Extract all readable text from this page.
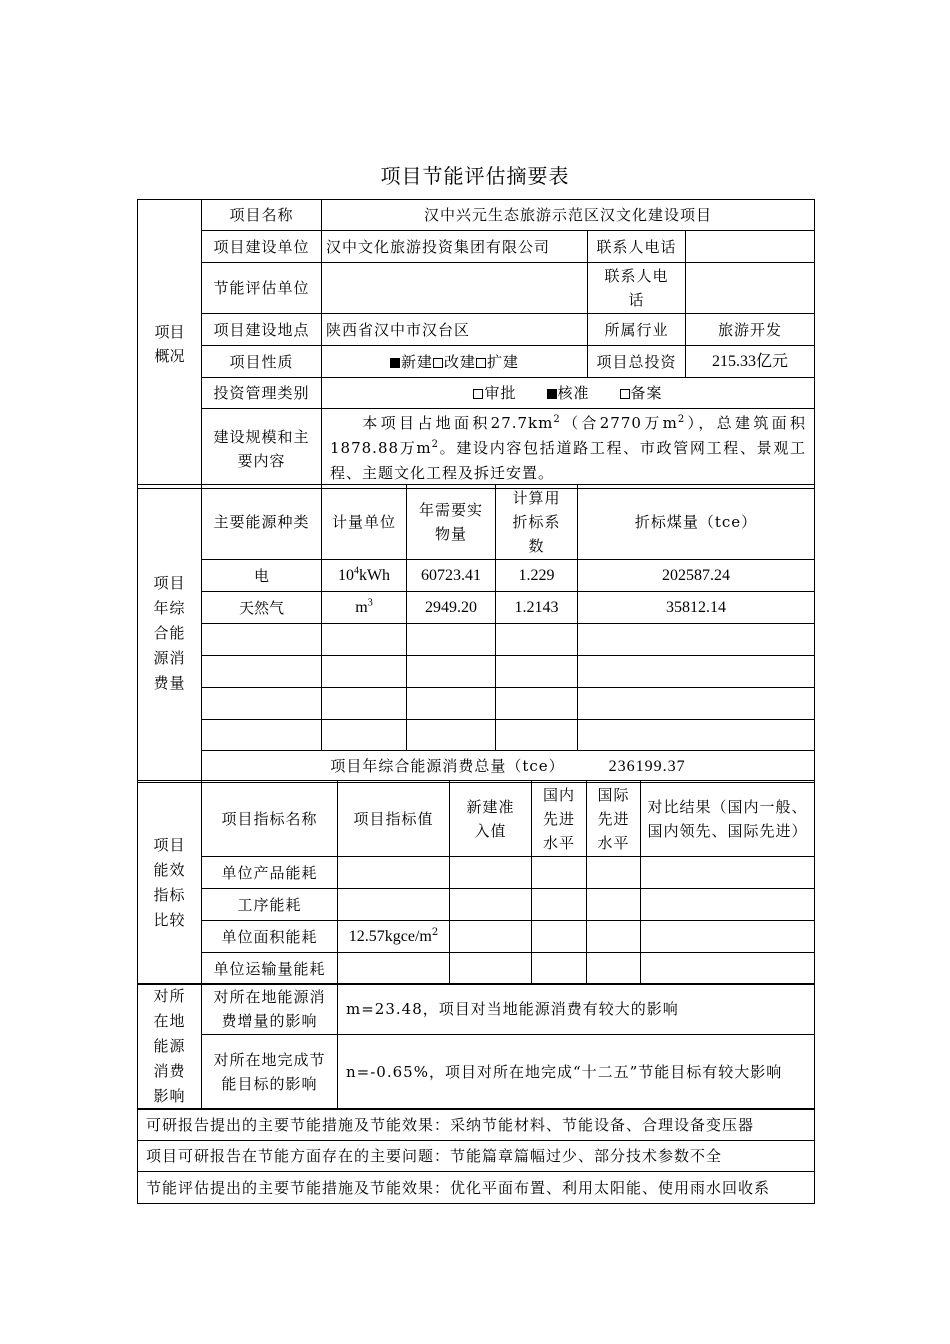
项目节能评估摘要表
项目概况	项目名称	汉中兴元生态旅游示范区汉文化建设项目		
	项目建设单位	汉中文化旅游投资集团有限公司	联系人电话	
	节能评估单位		联系人电话	
	项目建设地点	陕西省汉中市汉台区	所属行业	旅游开发
	项目性质	新建 改建 扩建	项目总投资	215.33亿元
	投资管理类别	审批 核准 备案		
	建设规模和主要内容	本项目占地面积$27.7km^2$（合2770万$m^2$），总建筑面积1878.88万$m^2$。建设内容包括道路工程、市政管网工程、景观工程、主题文化工程及拆迁安置。		
项目年综合能源消费量	主要能源种类	计量单位	年需要实物量	计算用折标系数	折标煤量（tce）
	电	$10^4kWh$	60723.41	1.229	202587.24
	天然气	$m^3$	2949.20	1.2143	35812.14

	项目年综合能源消费总量（tce） 236199.37				
项目能效指标比较	项目指标名称	项目指标值	新建准入值	国内先进水平	国际先进水平	对比结果（国内一般、国内领先、国际先进）
	单位产品能耗					
	工序能耗					
	单位面积能耗	$12.57kgce/m^2$				
	单位运输量能耗					
对所在地能源消费影响	对所在地能源消费增量的影响	m=23.48，项目对当地能源消费有较大的影响
	对所在地完成节能目标的影响	n=-0.65%，项目对所在地完成“十二五”节能目标有较大影响
可研报告提出的主要节能措施及节能效果：采纳节能材料、节能设备、合理设备变压器
项目可研报告在节能方面存在的主要问题：节能篇章篇幅过少、部分技术参数不全
节能评估提出的主要节能措施及节能效果：优化平面布置、利用太阳能、使用雨水回收系
